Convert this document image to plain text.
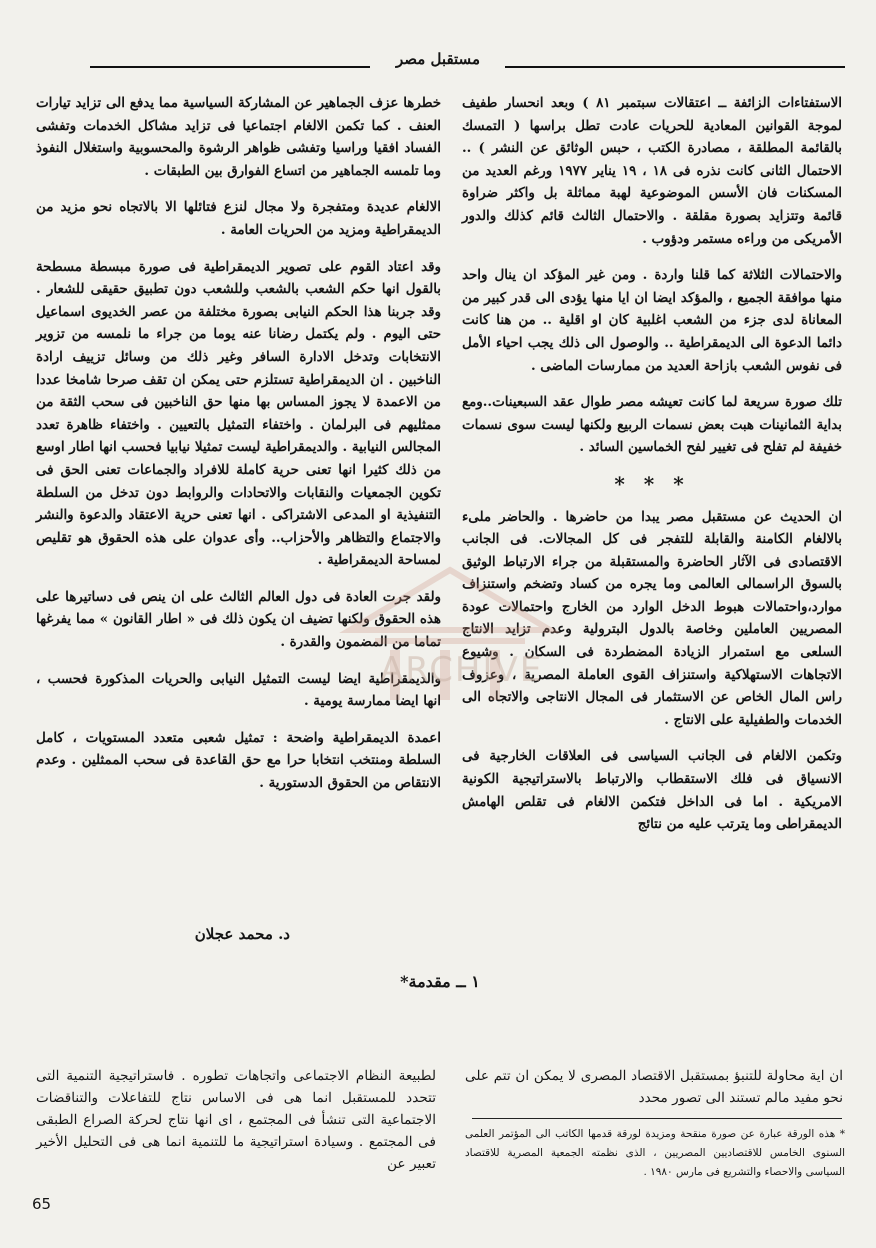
مستقبل مصر

الاستفتاءات الزائفة ــ اعتقالات سبتمبر ٨١ ) وبعد انحسار طفيف لموجة القوانين المعادية للحريات عادت تطل براسها ( التمسك بالقائمة المطلقة ، مصادرة الكتب ، حبس الوثائق عن النشر ) .. الاحتمال الثانى كانت نذره فى ١٨ ، ١٩ يناير ١٩٧٧ ورغم العديد من المسكنات فان الأسس الموضوعية لهبة مماثلة بل واكثر ضراوة قائمة وتتزايد بصورة مقلقة . والاحتمال الثالث قائم كذلك والدور الأمريكى من وراءه مستمر ودؤوب .

والاحتمالات الثلاثة كما قلنا واردة . ومن غير المؤكد ان ينال واحد منها موافقة الجميع ، والمؤكد ايضا ان ايا منها يؤدى الى قدر كبير من المعاناة لدى جزء من الشعب اغلبية كان او اقلية .. من هنا كانت دائما الدعوة الى الديمقراطية .. والوصول الى ذلك يجب احياء الأمل فى نفوس الشعب بازاحة العديد من ممارسات الماضى .

تلك صورة سريعة لما كانت تعيشه مصر طوال عقد السبعينات..ومع بداية الثمانينات هبت بعض نسمات الربيع ولكنها ليست سوى نسمات خفيفة لم تفلح فى تغيير لفح الخماسين السائد .

* * *

ان الحديث عن مستقبل مصر يبدا من حاضرها . والحاضر ملىء بالالغام الكامنة والقابلة للتفجر فى كل المجالات. فى الجانب الاقتصادى فى الآثار الحاضرة والمستقبلة من جراء الارتباط الوثيق بالسوق الراسمالى العالمى وما يجره من كساد وتضخم واستنزاف موارد،واحتمالات هبوط الدخل الوارد من الخارج واحتمالات عودة المصريين العاملين وخاصة بالدول البترولية وعدم تزايد الانتاج السلعى مع استمرار الزيادة المضطردة فى السكان . وشيوع الاتجاهات الاستهلاكية واستنزاف القوى العاملة المصرية ، وعزوف راس المال الخاص عن الاستثمار فى المجال الانتاجى والاتجاه الى الخدمات والطفيلية على الانتاج .

وتكمن الالغام فى الجانب السياسى فى العلاقات الخارجية فى الانسياق فى فلك الاستقطاب والارتباط بالاستراتيجية الكونية الامريكية . اما فى الداخل فتكمن الالغام فى تقلص الهامش الديمقراطى وما يترتب عليه من نتائج

خطرها عزف الجماهير عن المشاركة السياسية مما يدفع الى تزايد تيارات العنف . كما تكمن الالغام اجتماعيا فى تزايد مشاكل الخدمات وتفشى الفساد افقيا وراسيا وتفشى ظواهر الرشوة والمحسوبية واستغلال النفوذ وما تلمسه الجماهير من اتساع الفوارق بين الطبقات .

الالغام عديدة ومتفجرة ولا مجال لنزع فتائلها الا بالاتجاه نحو مزيد من الديمقراطية ومزيد من الحريات العامة .

وقد اعتاد القوم على تصوير الديمقراطية فى صورة مبسطة مسطحة بالقول انها حكم الشعب بالشعب وللشعب دون تطبيق حقيقى للشعار . وقد جربنا هذا الحكم النيابى بصورة مختلفة من عصر الخديوى اسماعيل حتى اليوم . ولم يكتمل رضانا عنه يوما من جراء ما نلمسه من تزوير الانتخابات وتدخل الادارة السافر وغير ذلك من وسائل تزييف ارادة الناخبين . ان الديمقراطية تستلزم حتى يمكن ان تقف صرحا شامخا عددا من الاعمدة لا يجوز المساس بها منها حق الناخبين فى سحب الثقة من ممثليهم فى البرلمان . واختفاء التمثيل بالتعيين . واختفاء ظاهرة تعدد المجالس النيابية . والديمقراطية ليست تمثيلا نيابيا فحسب انها اطار اوسع من ذلك كثيرا انها تعنى حرية كاملة للافراد والجماعات تعنى الحق فى تكوين الجمعيات والنقابات والاتحادات والروابط دون تدخل من السلطة التنفيذية او المدعى الاشتراكى . انها تعنى حرية الاعتقاد والدعوة والنشر والاجتماع والتظاهر والأحزاب.. وأى عدوان على هذه الحقوق هو تقليص لمساحة الديمقراطية .

ولقد جرت العادة فى دول العالم الثالث على ان ينص فى دساتيرها على هذه الحقوق ولكنها تضيف ان يكون ذلك فى « اطار القانون » مما يفرغها تماما من المضمون والقدرة .

والديمقراطية ايضا ليست التمثيل النيابى والحريات المذكورة فحسب ، انها ايضا ممارسة يومية .

اعمدة الديمقراطية واضحة : تمثيل شعبى متعدد المستويات ، كامل السلطة ومنتخب انتخابا حرا مع حق القاعدة فى سحب الممثلين . وعدم الانتقاص من الحقوق الدستورية .

د. محمد عجلان
١ ــ مقدمة*
ان اية محاولة للتنبؤ بمستقبل الاقتصاد المصرى لا يمكن ان تتم على نحو مفيد مالم تستند الى تصور محدد
لطبيعة النظام الاجتماعى واتجاهات تطوره . فاستراتيجية التنمية التى تتحدد للمستقبل انما هى فى الاساس نتاج للتفاعلات والتناقضات الاجتماعية التى تنشأ فى المجتمع ، اى انها نتاج لحركة الصراع الطبقى فى المجتمع . وسيادة استراتيجية ما للتنمية انما هى فى التحليل الأخير تعبير عن
* هذه الورقة عبارة عن صورة منقحة ومزيدة لورقة قدمها الكاتب الى المؤتمر العلمى السنوى الخامس للاقتصاديين المصريين ، الذى نظمته الجمعية المصرية للاقتصاد السياسى والاحصاء والتشريع فى مارس ١٩٨٠ .
65
ARCHIVE
